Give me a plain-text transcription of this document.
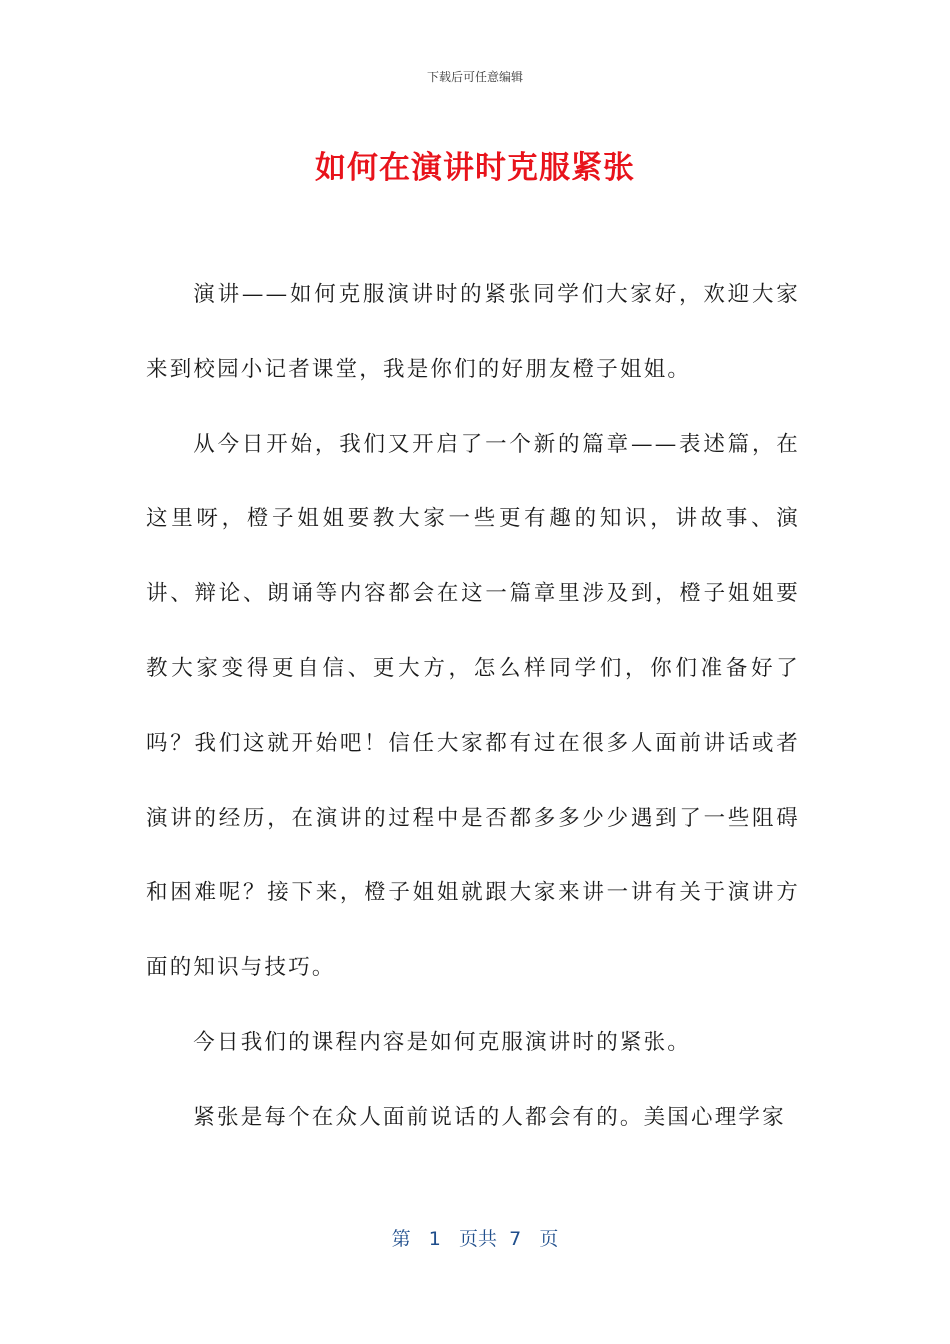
下载后可任意编辑
如何在演讲时克服紧张

演讲——如何克服演讲时的紧张同学们大家好，欢迎大家来到校园小记者课堂，我是你们的好朋友橙子姐姐。

从今日开始，我们又开启了一个新的篇章——表述篇，在这里呀，橙子姐姐要教大家一些更有趣的知识，讲故事、演讲、辩论、朗诵等内容都会在这一篇章里涉及到，橙子姐姐要教大家变得更自信、更大方，怎么样同学们，你们准备好了吗？我们这就开始吧！信任大家都有过在很多人面前讲话或者演讲的经历，在演讲的过程中是否都多多少少遇到了一些阻碍和困难呢？接下来，橙子姐姐就跟大家来讲一讲有关于演讲方面的知识与技巧。

今日我们的课程内容是如何克服演讲时的紧张。

紧张是每个在众人面前说话的人都会有的。美国心理学家

第 1 页共 7 页
